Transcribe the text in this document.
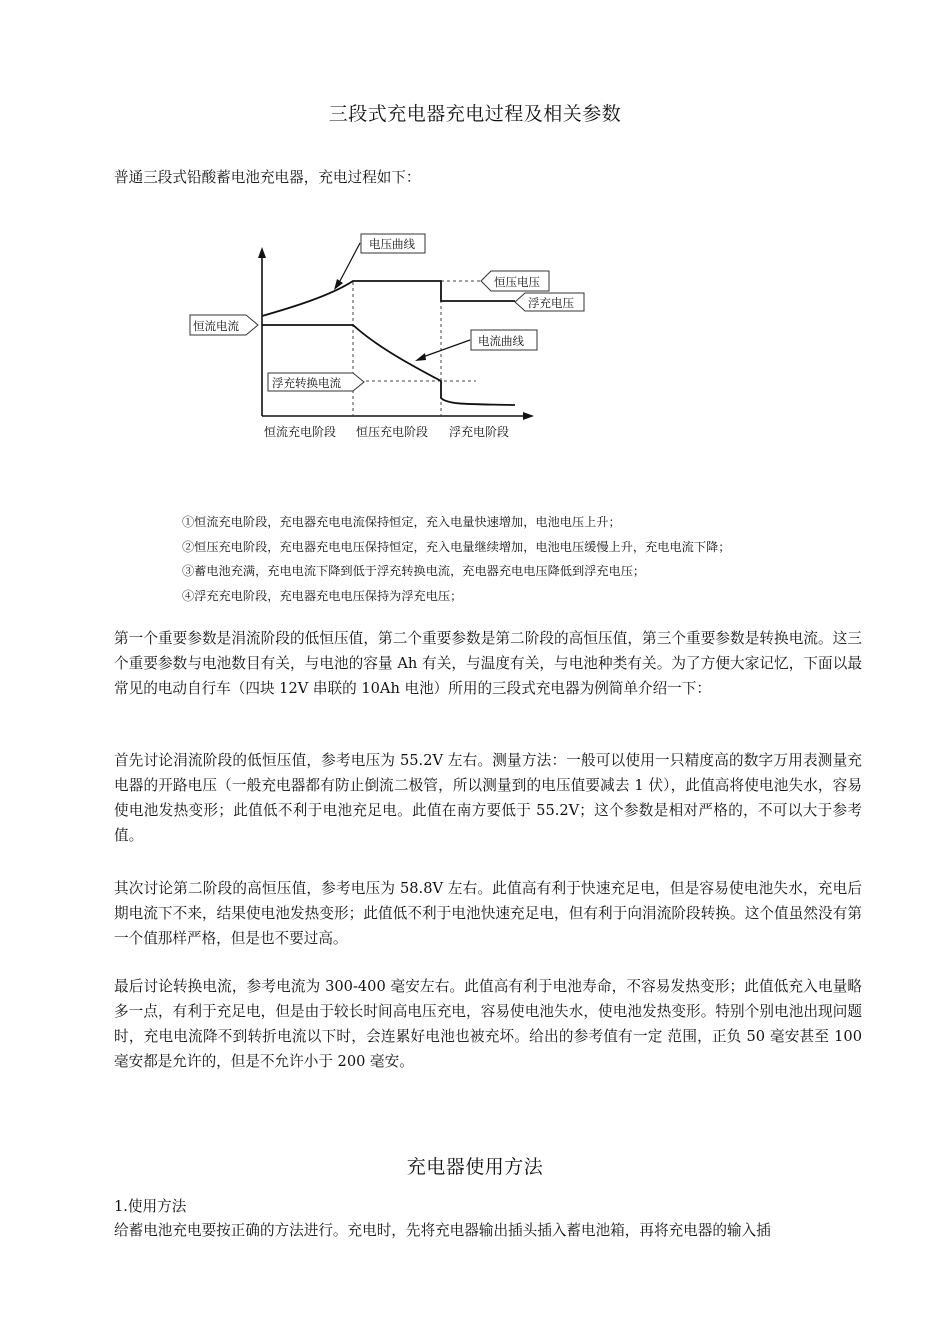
三段式充电器充电过程及相关参数
普通三段式铅酸蓄电池充电器，充电过程如下：
电压曲线
恒压电压
浮充电压
恒流电流
电流曲线
浮充转换电流
恒流充电阶段 恒压充电阶段 浮充电阶段
①恒流充电阶段，充电器充电电流保持恒定，充入电量快速增加，电池电压上升；
②恒压充电阶段，充电器充电电压保持恒定，充入电量继续增加，电池电压缓慢上升，充电电流下降；
③蓄电池充满，充电电流下降到低于浮充转换电流，充电器充电电压降低到浮充电压；
④浮充充电阶段，充电器充电电压保持为浮充电压；
第一个重要参数是涓流阶段的低恒压值，第二个重要参数是第二阶段的高恒压值，第三个重要参数是转换电流。这三个重要参数与电池数目有关，与电池的容量 Ah 有关，与温度有关，与电池种类有关。为了方便大家记忆，下面以最常见的电动自行车（四块 12V 串联的 10Ah 电池）所用的三段式充电器为例简单介绍一下：
首先讨论涓流阶段的低恒压值，参考电压为 55.2V 左右。测量方法：一般可以使用一只精度高的数字万用表测量充电器的开路电压（一般充电器都有防止倒流二极管，所以测量到的电压值要减去 1 伏），此值高将使电池失水，容易使电池发热变形；此值低不利于电池充足电。此值在南方要低于 55.2V；这个参数是相对严格的，不可以大于参考值。
其次讨论第二阶段的高恒压值，参考电压为 58.8V 左右。此值高有利于快速充足电，但是容易使电池失水，充电后期电流下不来，结果使电池发热变形；此值低不利于电池快速充足电，但有利于向涓流阶段转换。这个值虽然没有第一个值那样严格，但是也不要过高。
最后讨论转换电流，参考电流为 300-400 毫安左右。此值高有利于电池寿命，不容易发热变形；此值低充入电量略多一点，有利于充足电，但是由于较长时间高电压充电，容易使电池失水，使电池发热变形。特别个别电池出现问题时，充电电流降不到转折电流以下时，会连累好电池也被充坏。给出的参考值有一定 范围，正负 50 毫安甚至 100 毫安都是允许的，但是不允许小于 200 毫安。
充电器使用方法
1.使用方法
给蓄电池充电要按正确的方法进行。充电时，先将充电器输出插头插入蓄电池箱，再将充电器的输入插
